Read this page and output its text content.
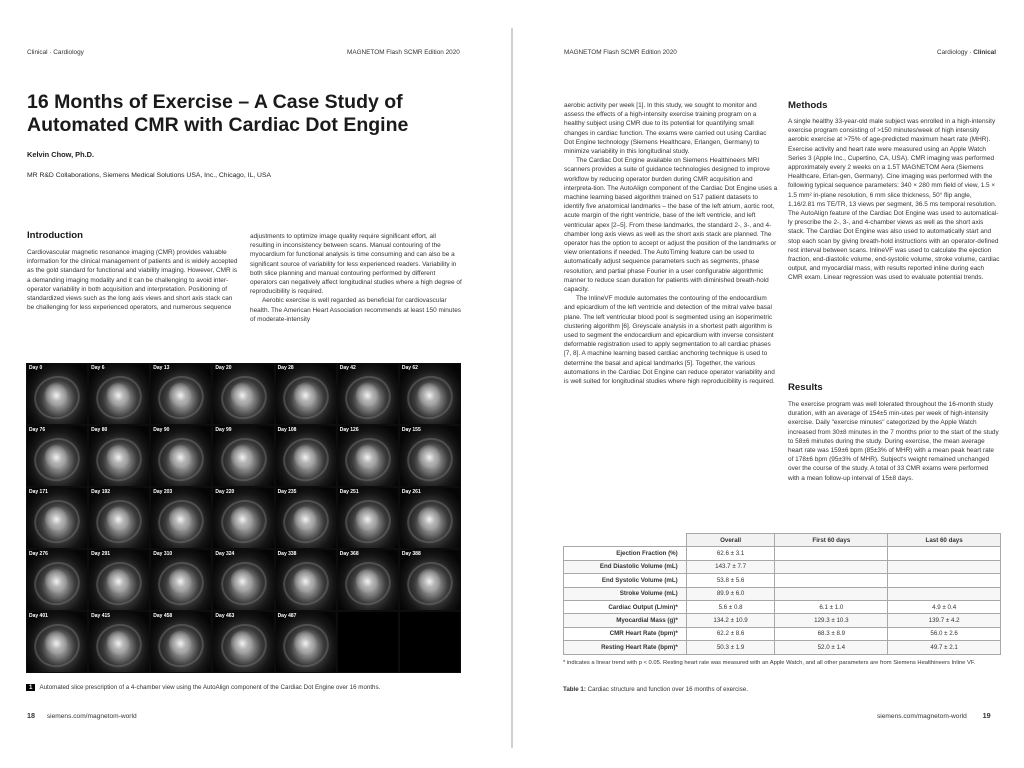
Clinical · Cardiology	MAGNETOM Flash SCMR Edition 2020
16 Months of Exercise – A Case Study of Automated CMR with Cardiac Dot Engine
Kelvin Chow, Ph.D.
MR R&D Collaborations, Siemens Medical Solutions USA, Inc., Chicago, IL, USA
Introduction

Cardiovascular magnetic resonance imaging (CMR) provides valuable information for the clinical management of patients and is widely accepted as the gold standard for functional and viability imaging. However, CMR is a demanding imaging modality and it can be challenging to avoid inter-operator variability in both acquisition and interpretation. Positioning of standardized views such as the long axis views and short axis stack can be challenging for less experienced operators, and numerous sequence

adjustments to optimize image quality require significant effort, all resulting in inconsistency between scans. Manual contouring of the myocardium for functional analysis is time consuming and can also be a significant source of variability for less experienced readers. Variability in both slice planning and manual contouring performed by different operators can negatively affect longitudinal studies where a high degree of reproducibility is required.

Aerobic exercise is well regarded as beneficial for cardiovascular health. The American Heart Association recommends at least 150 minutes of moderate-intensity

Day 0	Day 6	Day 13	Day 20	Day 28	Day 42	Day 62
Day 76	Day 80	Day 90	Day 99	Day 108	Day 126	Day 155
Day 171	Day 192	Day 203	Day 220	Day 235	Day 251	Day 261
Day 276	Day 291	Day 310	Day 324	Day 338	Day 368	Day 388
Day 401	Day 415	Day 458	Day 463	Day 487
1 Automated slice prescription of a 4-chamber view using the AutoAlign component of the Cardiac Dot Engine over 16 months.
18 siemens.com/magnetom-world
MAGNETOM Flash SCMR Edition 2020	Cardiology · Clinical

aerobic activity per week [1]. In this study, we sought to monitor and assess the effects of a high-intensity exercise training program on a healthy subject using CMR due to its potential for quantifying small changes in cardiac function. The exams were carried out using Cardiac Dot Engine technology (Siemens Healthcare, Erlangen, Germany) to minimize variability in this longitudinal study.

The Cardiac Dot Engine available on Siemens Healthineers MRI scanners provides a suite of guidance technologies designed to improve workflow by reducing operator burden during CMR acquisition and interpreta-tion. The AutoAlign component of the Cardiac Dot Engine uses a machine learning based algorithm trained on 517 patient datasets to identify five anatomical landmarks – the base of the left atrium, aortic root, acute margin of the right ventricle, base of the left ventricle, and left ventricular apex [2–5]. From these landmarks, the standard 2-, 3-, and 4-chamber long axis views as well as the short axis stack are planned. The operator has the option to accept or adjust the position of the landmarks or view orientations if needed. The AutoTiming feature can be used to automatically adjust sequence parameters such as segments, phase resolution, and partial phase Fourier in a user configurable algorithmic manner to reduce scan duration for patients with diminished breath-hold capacity.

The InlineVF module automates the contouring of the endocardium and epicardium of the left ventricle and detection of the mitral valve basal plane. The left ventricular blood pool is segmented using an isoperimetric clustering algorithm [6]. Greyscale analysis in a shortest path algorithm is used to segment the endocardium and epicardium with inverse consistent deformable registration used to apply segmentation to all cardiac phases [7, 8]. A machine learning based cardiac anchoring technique is used to determine the basal and apical landmarks [5]. Together, the various automations in the Cardiac Dot Engine can reduce operator variability and is well suited for longitudinal studies where high reproducibility is required.

Methods

A single healthy 33-year-old male subject was enrolled in a high-intensity exercise program consisting of >150 minutes/week of high intensity aerobic exercise at >75% of age-predicted maximum heart rate (MHR). Exercise activity and heart rate were measured using an Apple Watch Series 3 (Apple Inc., Cupertino, CA, USA). CMR imaging was performed approximately every 2 weeks on a 1.5T MAGNETOM Aera (Siemens Healthcare, Erlan-gen, Germany). Cine imaging was performed with the following typical sequence parameters: 340 × 280 mm field of view, 1.5 × 1.5 mm² in-plane resolution, 6 mm slice thickness, 50° flip angle, 1.16/2.81 ms TE/TR, 13 views per segment, 36.5 ms temporal resolution. The AutoAlign feature of the Cardiac Dot Engine was used to automatical-ly prescribe the 2-, 3-, and 4-chamber views as well as the short axis stack. The Cardiac Dot Engine was also used to automatically start and stop each scan by giving breath-hold instructions with an operator-defined rest interval between scans. InlineVF was used to calculate the ejection fraction, end-diastolic volume, end-systolic volume, stroke volume, cardiac output, and myocardial mass, with results reported inline during each CMR exam. Linear regression was used to evaluate potential trends.

Results

The exercise program was well tolerated throughout the 16-month study duration, with an average of 154±5 min-utes per week of high-intensity exercise. Daily "exercise minutes" categorized by the Apple Watch increased from 30±8 minutes in the 7 months prior to the start of the study to 58±6 minutes during the study. During exercise, the mean average heart rate was 159±6 bpm (85±3% of MHR) with a mean peak heart rate of 178±6 bpm (95±3% of MHR). Subject's weight remained unchanged over the course of the study. A total of 33 CMR exams were performed with a mean follow-up interval of 15±8 days.

	Overall	First 60 days	Last 60 days
Ejection Fraction (%)	62.6 ± 3.1		
End Diastolic Volume (mL)	143.7 ± 7.7		
End Systolic Volume (mL)	53.8 ± 5.6		
Stroke Volume (mL)	89.9 ± 6.0		
Cardiac Output (L/min)*	5.6 ± 0.8	6.1 ± 1.0	4.9 ± 0.4
Myocardial Mass (g)*	134.2 ± 10.9	129.3 ± 10.3	139.7 ± 4.2
CMR Heart Rate (bpm)*	62.2 ± 8.6	68.3 ± 8.9	56.0 ± 2.6
Resting Heart Rate (bpm)*	50.3 ± 1.9	52.0 ± 1.4	49.7 ± 2.1
* indicates a linear trend with p < 0.05. Resting heart rate was measured with an Apple Watch, and all other parameters are from Siemens Healthineers Inline VF.
Table 1: Cardiac structure and function over 16 months of exercise.
siemens.com/magnetom-world 19
